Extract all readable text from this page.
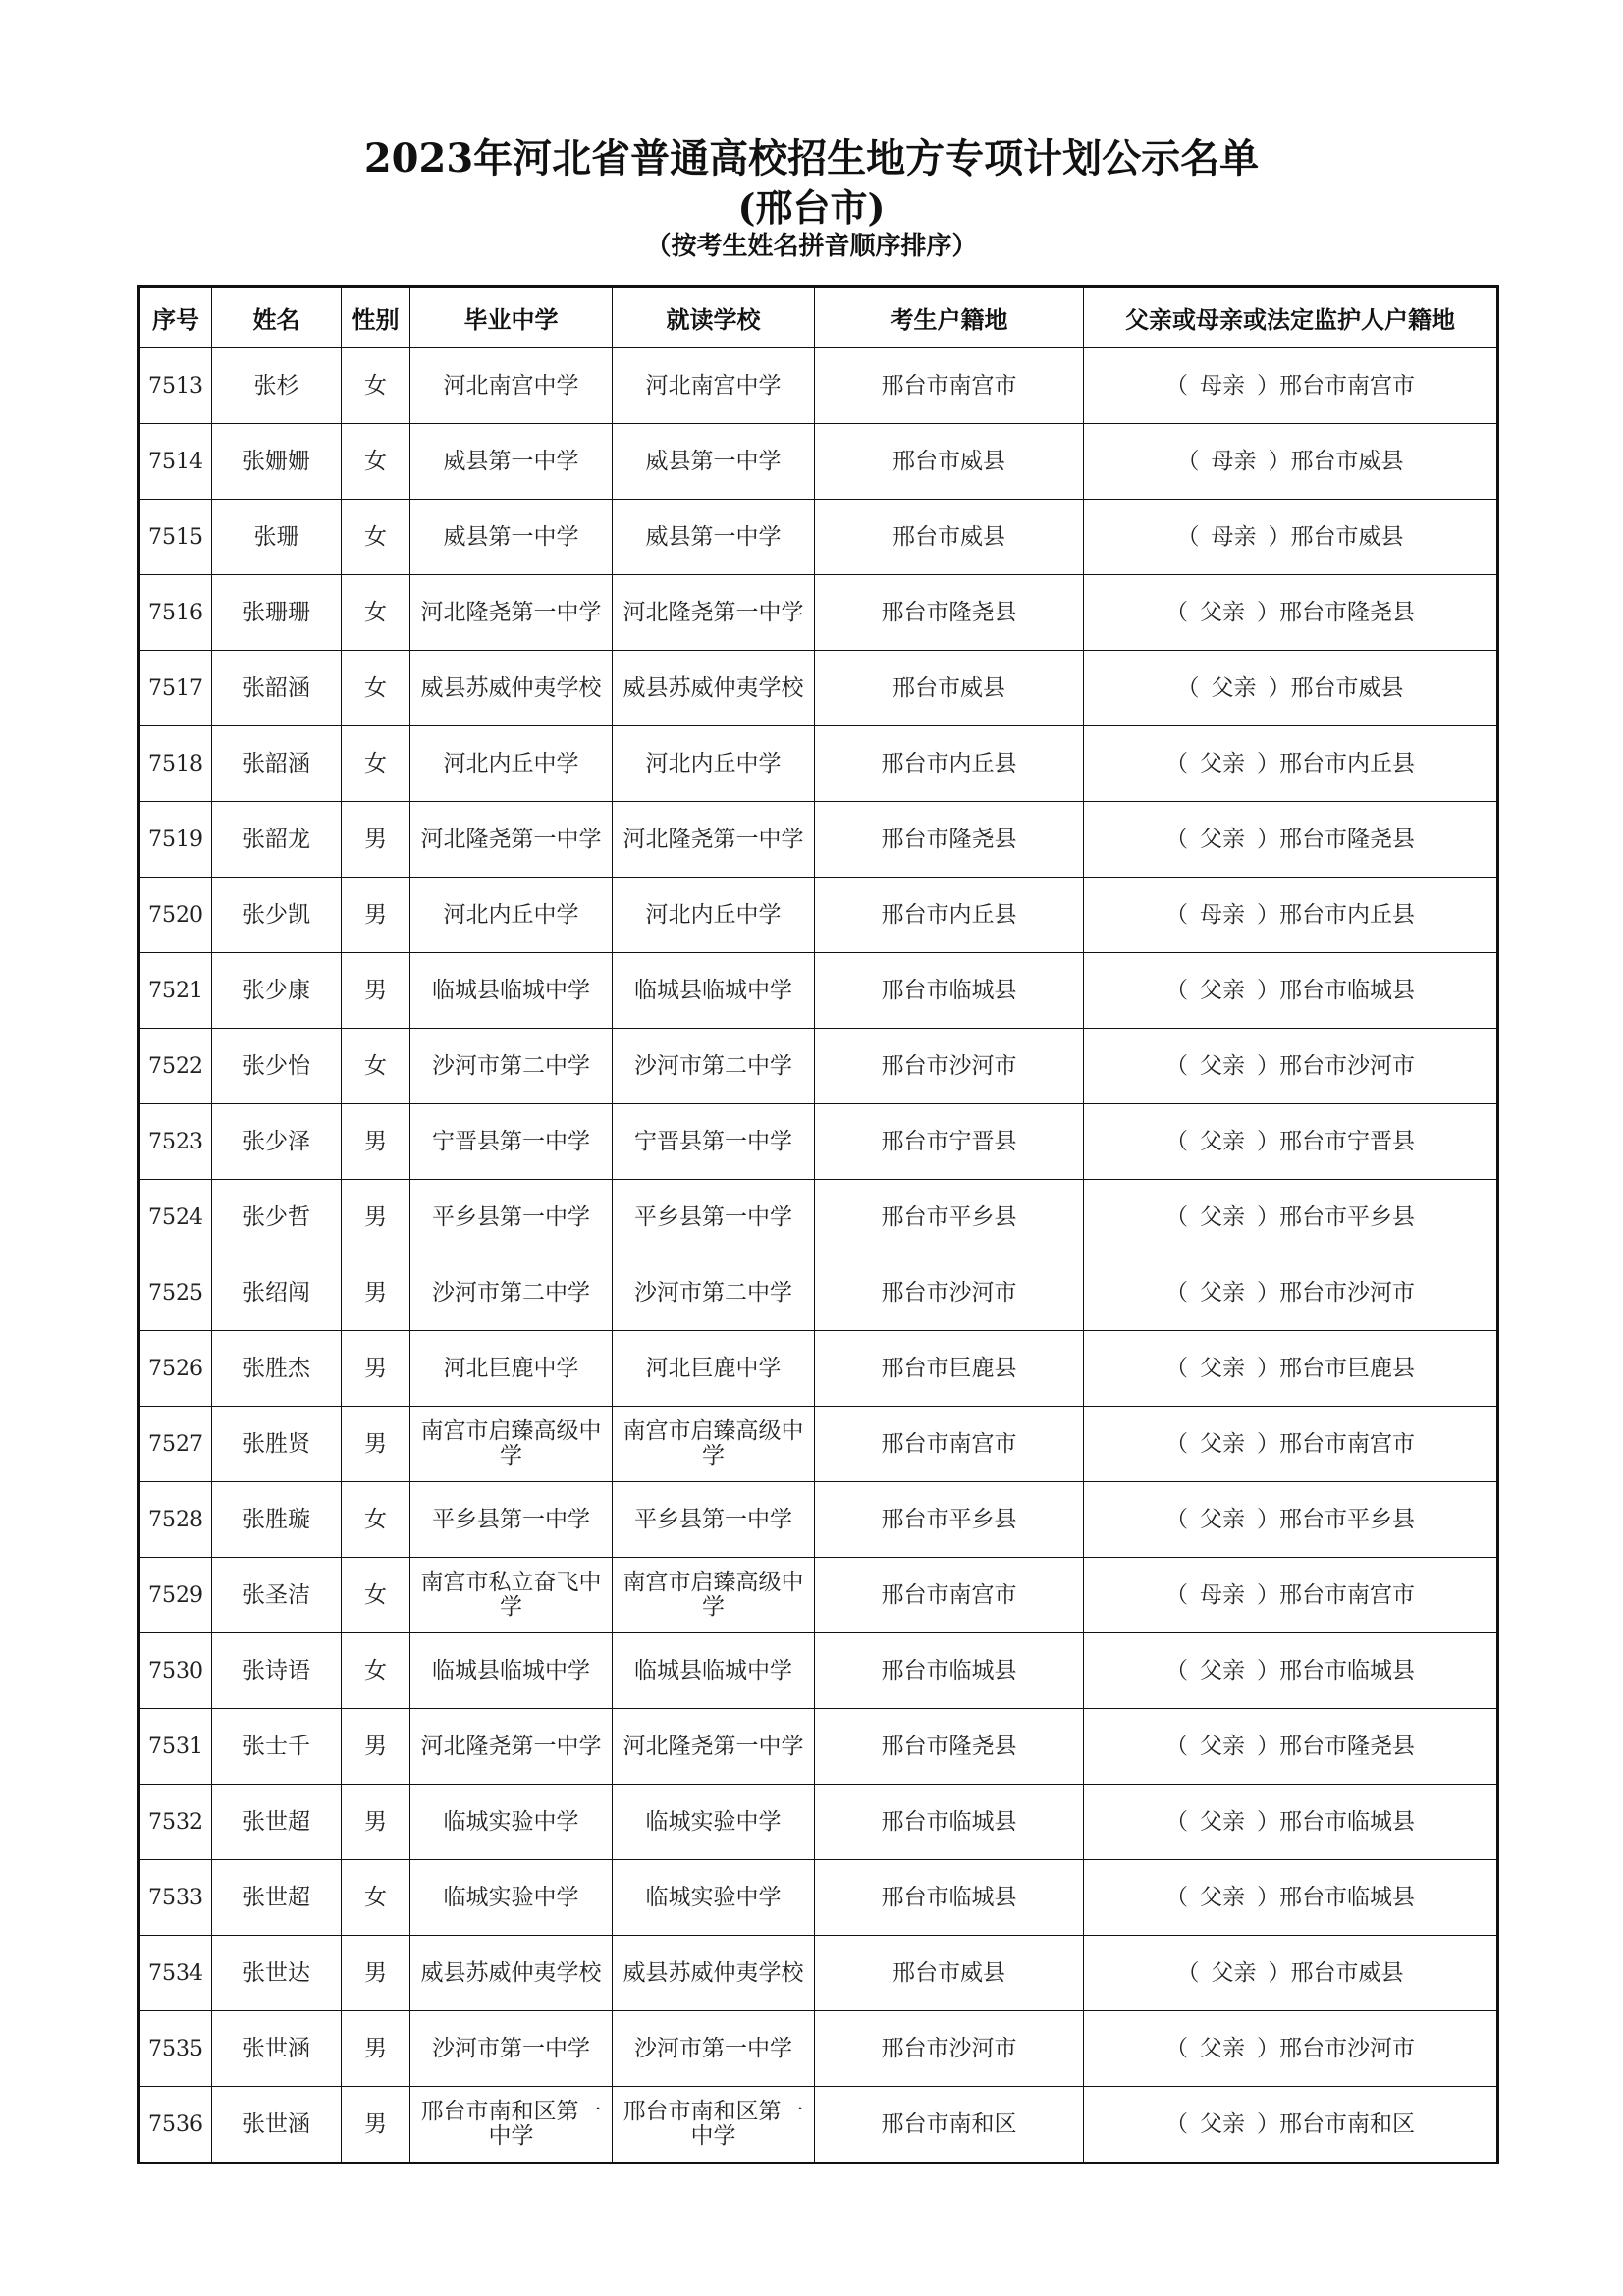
2023年河北省普通高校招生地方专项计划公示名单
(邢台市)
（按考生姓名拼音顺序排序）
序号	姓名	性别	毕业中学	就读学校	考生户籍地	父亲或母亲或法定监护人户籍地
7513	张杉	女	河北南宫中学	河北南宫中学	邢台市南宫市	（ 母亲 ）邢台市南宫市
7514	张姗姗	女	威县第一中学	威县第一中学	邢台市威县	（ 母亲 ）邢台市威县
7515	张珊	女	威县第一中学	威县第一中学	邢台市威县	（ 母亲 ）邢台市威县
7516	张珊珊	女	河北隆尧第一中学	河北隆尧第一中学	邢台市隆尧县	（ 父亲 ）邢台市隆尧县
7517	张韶涵	女	威县苏威仲夷学校	威县苏威仲夷学校	邢台市威县	（ 父亲 ）邢台市威县
7518	张韶涵	女	河北内丘中学	河北内丘中学	邢台市内丘县	（ 父亲 ）邢台市内丘县
7519	张韶龙	男	河北隆尧第一中学	河北隆尧第一中学	邢台市隆尧县	（ 父亲 ）邢台市隆尧县
7520	张少凯	男	河北内丘中学	河北内丘中学	邢台市内丘县	（ 母亲 ）邢台市内丘县
7521	张少康	男	临城县临城中学	临城县临城中学	邢台市临城县	（ 父亲 ）邢台市临城县
7522	张少怡	女	沙河市第二中学	沙河市第二中学	邢台市沙河市	（ 父亲 ）邢台市沙河市
7523	张少泽	男	宁晋县第一中学	宁晋县第一中学	邢台市宁晋县	（ 父亲 ）邢台市宁晋县
7524	张少哲	男	平乡县第一中学	平乡县第一中学	邢台市平乡县	（ 父亲 ）邢台市平乡县
7525	张绍闯	男	沙河市第二中学	沙河市第二中学	邢台市沙河市	（ 父亲 ）邢台市沙河市
7526	张胜杰	男	河北巨鹿中学	河北巨鹿中学	邢台市巨鹿县	（ 父亲 ）邢台市巨鹿县
7527	张胜贤	男	南宫市启臻高级中学	南宫市启臻高级中学	邢台市南宫市	（ 父亲 ）邢台市南宫市
7528	张胜璇	女	平乡县第一中学	平乡县第一中学	邢台市平乡县	（ 父亲 ）邢台市平乡县
7529	张圣洁	女	南宫市私立奋飞中学	南宫市启臻高级中学	邢台市南宫市	（ 母亲 ）邢台市南宫市
7530	张诗语	女	临城县临城中学	临城县临城中学	邢台市临城县	（ 父亲 ）邢台市临城县
7531	张士千	男	河北隆尧第一中学	河北隆尧第一中学	邢台市隆尧县	（ 父亲 ）邢台市隆尧县
7532	张世超	男	临城实验中学	临城实验中学	邢台市临城县	（ 父亲 ）邢台市临城县
7533	张世超	女	临城实验中学	临城实验中学	邢台市临城县	（ 父亲 ）邢台市临城县
7534	张世达	男	威县苏威仲夷学校	威县苏威仲夷学校	邢台市威县	（ 父亲 ）邢台市威县
7535	张世涵	男	沙河市第一中学	沙河市第一中学	邢台市沙河市	（ 父亲 ）邢台市沙河市
7536	张世涵	男	邢台市南和区第一中学	邢台市南和区第一中学	邢台市南和区	（ 父亲 ）邢台市南和区
